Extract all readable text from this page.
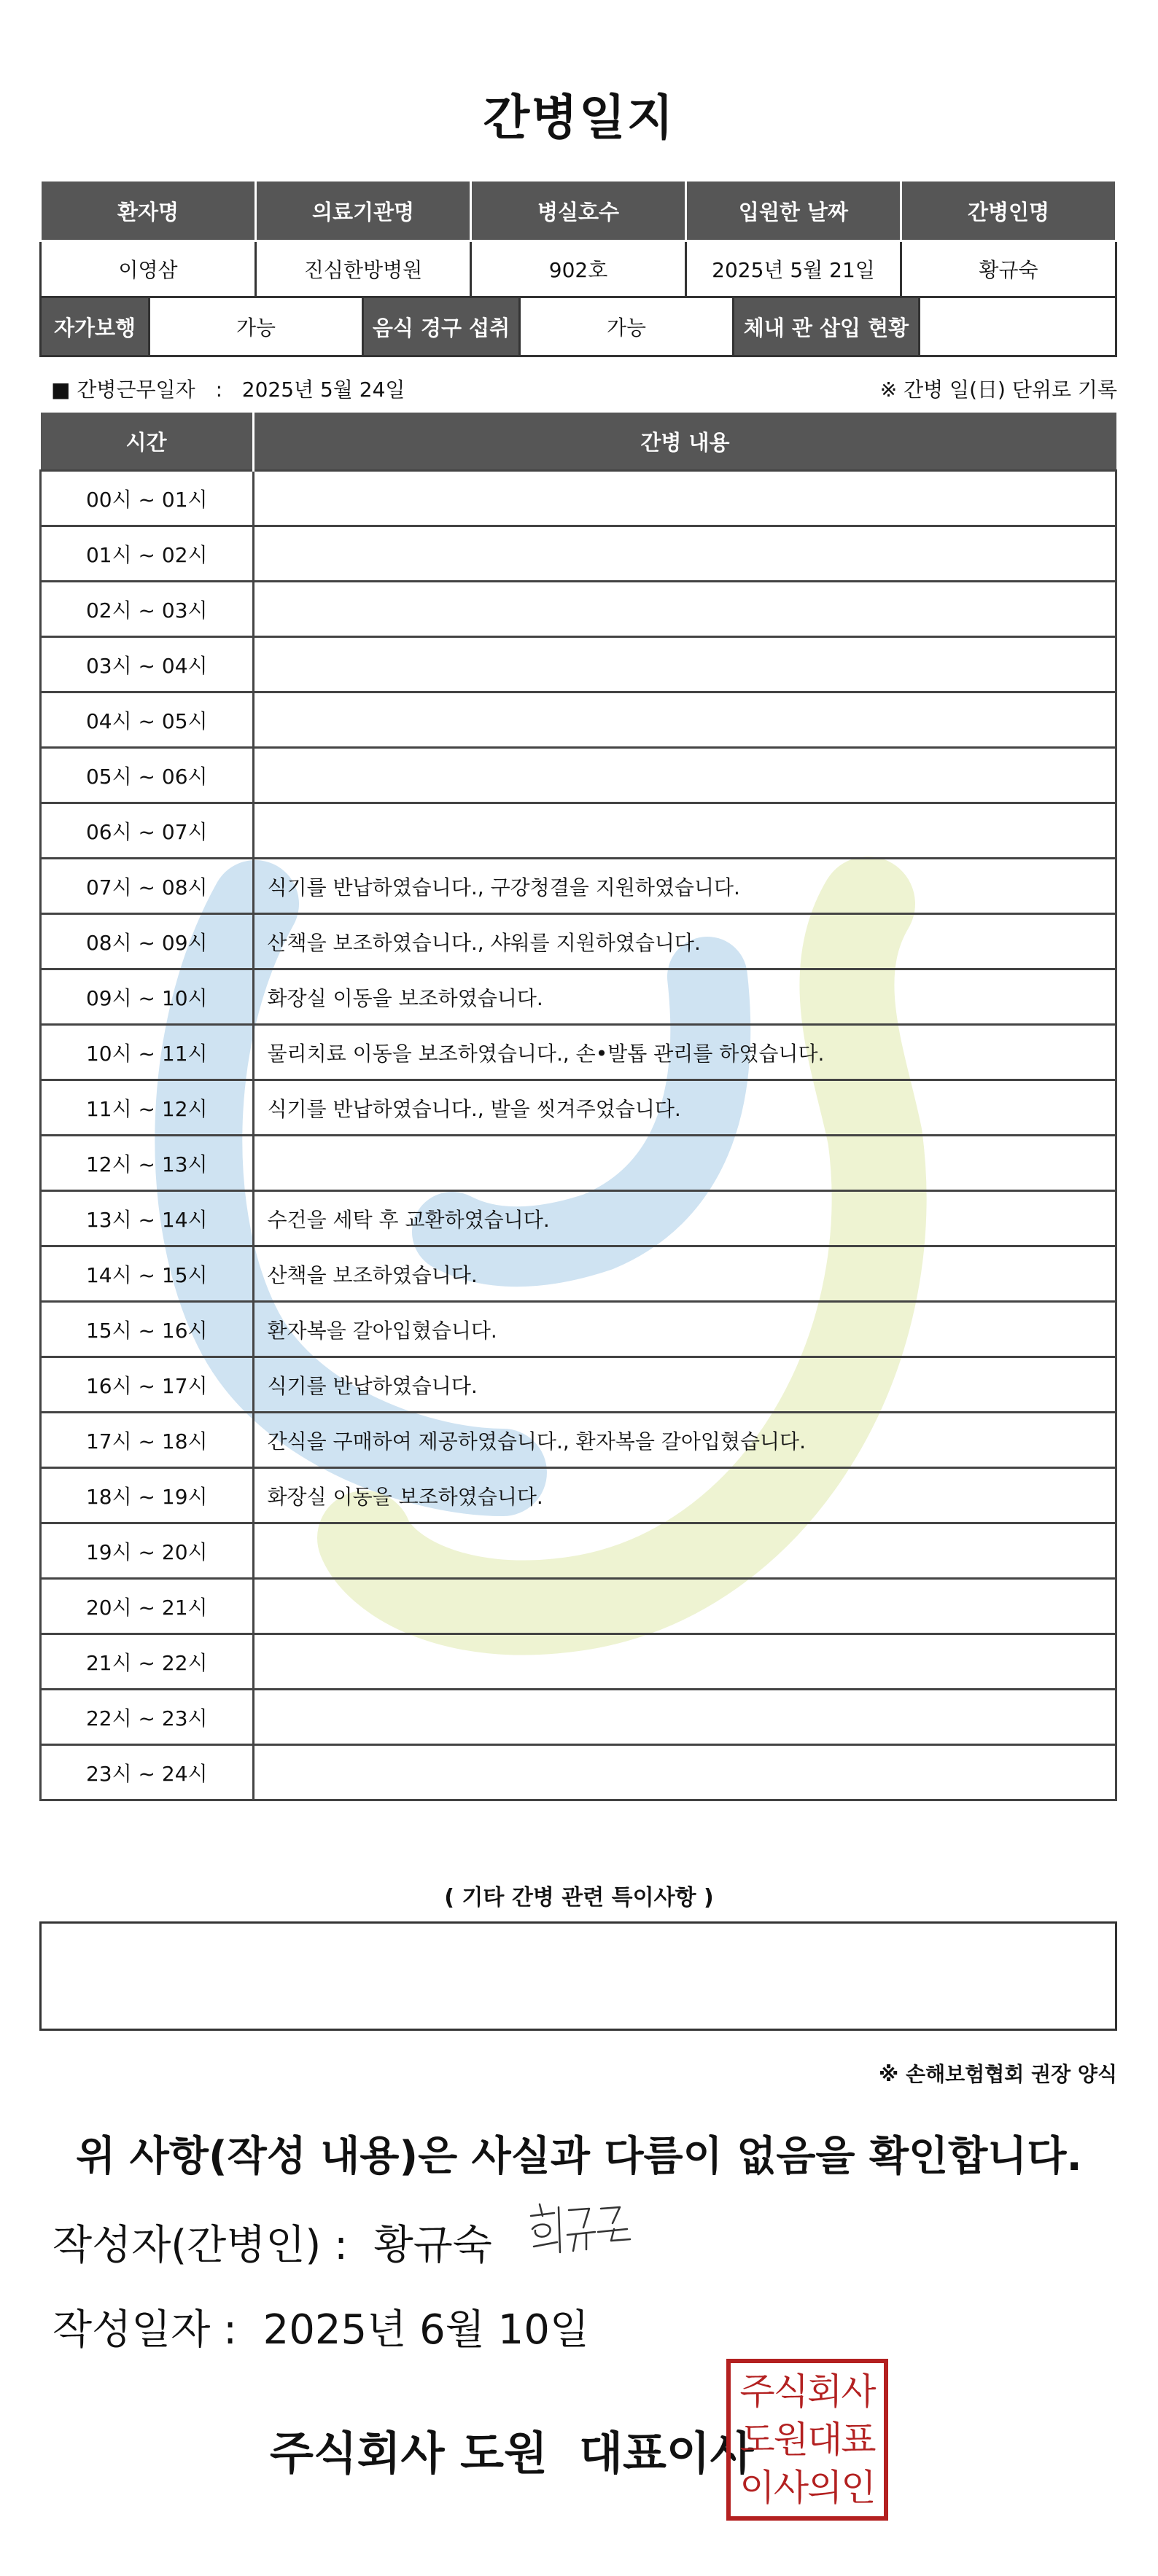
간병일지
환자명	의료기관명	병실호수	입원한 날짜	간병인명
이영삼	진심한방병원	902호	2025년 5월 21일	황규숙
자가보행	가능	음식 경구 섭취	가능	체내 관 삽입 현황
■ 간병근무일자　: 2025년 5월 24일	※ 간병 일(日) 단위로 기록
시간	간병 내용
00시 ~ 01시	
01시 ~ 02시	
02시 ~ 03시	
03시 ~ 04시	
04시 ~ 05시	
05시 ~ 06시	
06시 ~ 07시	
07시 ~ 08시	식기를 반납하였습니다., 구강청결을 지원하였습니다.
08시 ~ 09시	산책을 보조하였습니다., 샤워를 지원하였습니다.
09시 ~ 10시	화장실 이동을 보조하였습니다.
10시 ~ 11시	물리치료 이동을 보조하였습니다., 손•발톱 관리를 하였습니다.
11시 ~ 12시	식기를 반납하였습니다., 발을 씻겨주었습니다.
12시 ~ 13시	
13시 ~ 14시	수건을 세탁 후 교환하였습니다.
14시 ~ 15시	산책을 보조하였습니다.
15시 ~ 16시	환자복을 갈아입혔습니다.
16시 ~ 17시	식기를 반납하였습니다.
17시 ~ 18시	간식을 구매하여 제공하였습니다., 환자복을 갈아입혔습니다.
18시 ~ 19시	화장실 이동을 보조하였습니다.
19시 ~ 20시	
20시 ~ 21시	
21시 ~ 22시	
22시 ~ 23시	
23시 ~ 24시	
( 기타 간병 관련 특이사항 )
※ 손해보험협회 권장 양식
위 사항(작성 내용)은 사실과 다름이 없음을 확인합니다.
작성자(간병인) : 황규숙
작성일자 : 2025년 6월 10일
주식회사 도원  대표이사
주식회사
도원대표
이사의인
